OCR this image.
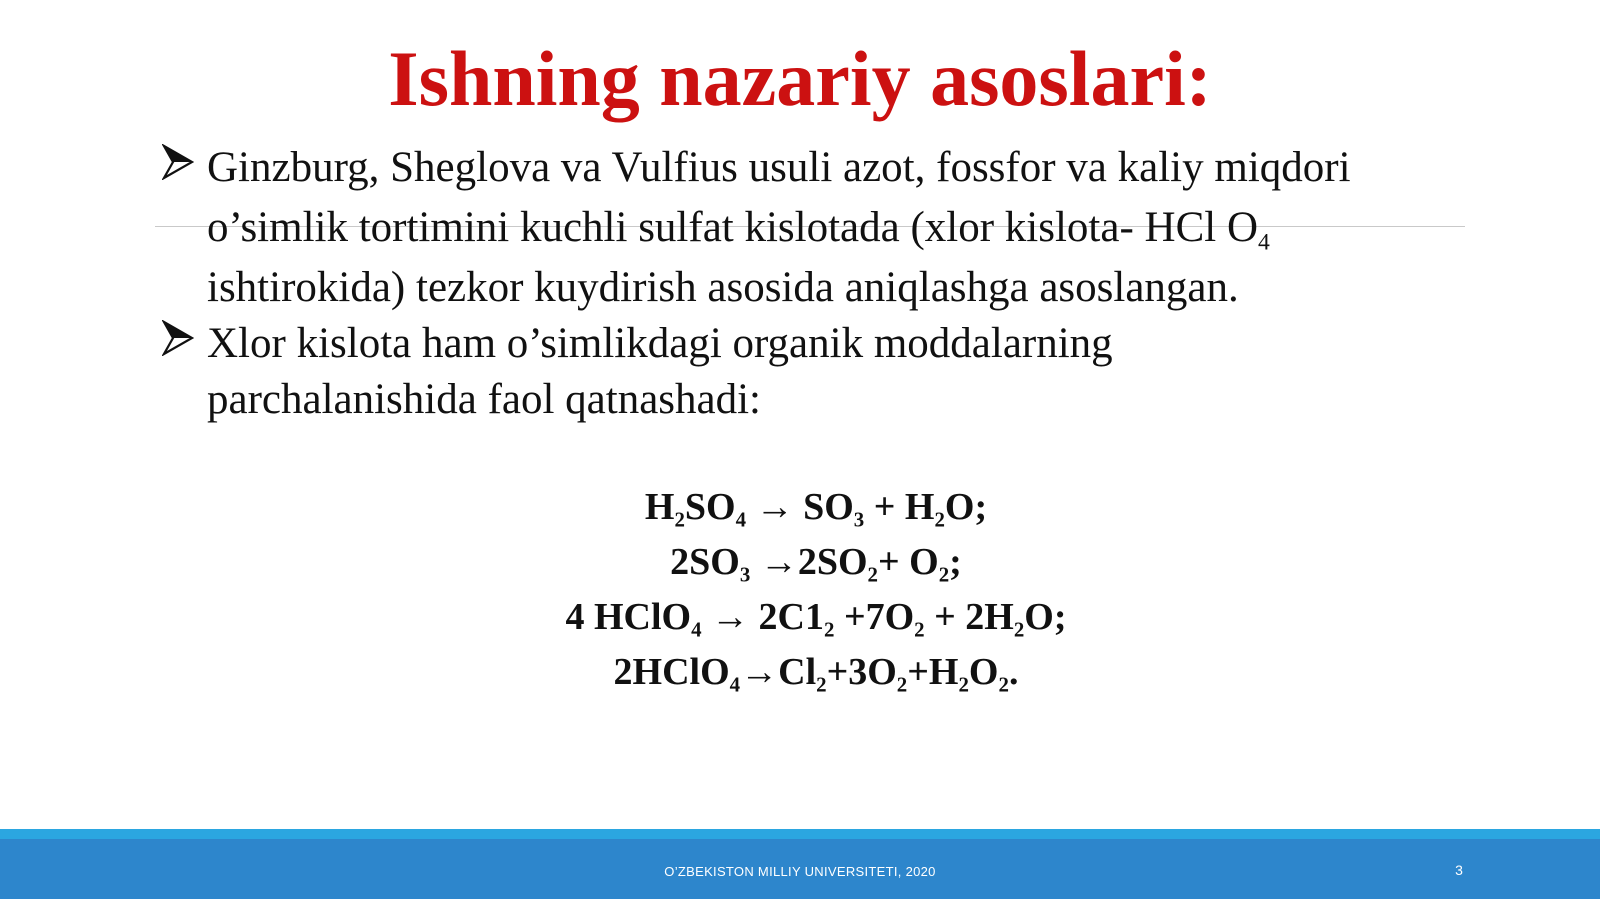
Ishning nazariy asoslari:
Ginzburg, Sheglova va Vulfius usuli azot, fossfor va kaliy miqdori
o’simlik tortimini kuchli sulfat kislotada (xlor kislota- HCl $O_4$
ishtirokida) tezkor kuydirish asosida aniqlashga asoslangan.
Xlor kislota ham o’simlikdagi organik moddalarning
parchalanishida faol qatnashadi:
$H_2SO_4 \to SO_3 + H_2O$;
$2SO_3 \to 2SO_2+ O_2$;
4 HClO$_4$ → $2C1_2 +7O_2 + 2H_2O$;
$2HClO_4\to Cl_2+3O_2+H_2O_2$.
O’ZBEKISTON MILLIY UNIVERSITETI, 2020	3
